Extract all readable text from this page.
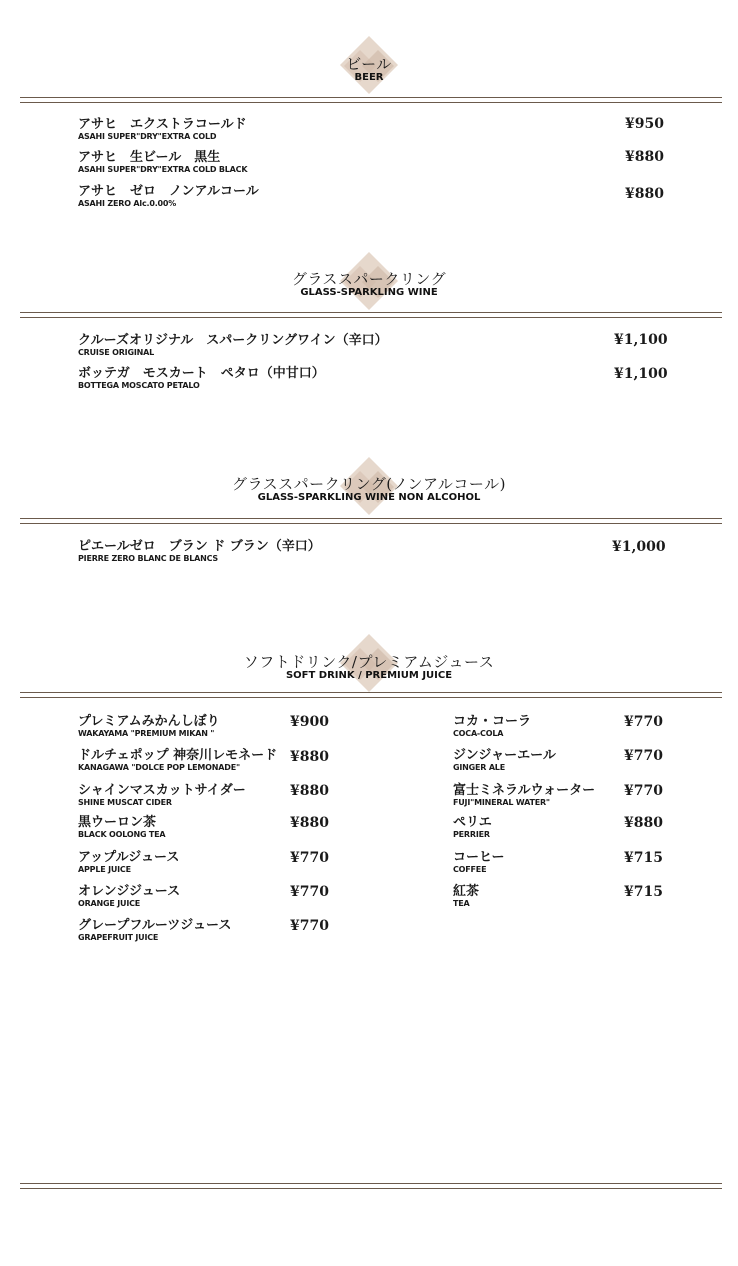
ビール
BEER
アサヒ　エクストラコールド
ASAHI SUPER"DRY"EXTRA COLD
¥950
アサヒ　生ビール　黒生
ASAHI SUPER"DRY"EXTRA COLD BLACK
¥880
アサヒ　ゼロ　ノンアルコール
ASAHI ZERO Alc.0.00%
¥880
グラススパークリング
GLASS-SPARKLING WINE
クルーズオリジナル　スパークリングワイン（辛口）
CRUISE ORIGINAL
¥1,100
ボッテガ　モスカート　ペタロ（中甘口）
BOTTEGA MOSCATO PETALO
¥1,100
グラススパークリング(ノンアルコール)
GLASS-SPARKLING WINE NON ALCOHOL
ピエールゼロ　ブラン ド ブラン（辛口）
PIERRE ZERO BLANC DE BLANCS
¥1,000
ソフトドリンク/プレミアムジュース
SOFT DRINK / PREMIUM JUICE
プレミアムみかんしぼり
WAKAYAMA "PREMIUM MIKAN "
¥900
ドルチェポップ 神奈川レモネード
KANAGAWA "DOLCE POP LEMONADE"
¥880
シャインマスカットサイダー
SHINE MUSCAT CIDER
¥880
黒ウーロン茶
BLACK OOLONG TEA
¥880
アップルジュース
APPLE JUICE
¥770
オレンジジュース
ORANGE JUICE
¥770
グレープフルーツジュース
GRAPEFRUIT JUICE
¥770
コカ・コーラ
COCA-COLA
¥770
ジンジャーエール
GINGER ALE
¥770
富士ミネラルウォーター
FUJI"MINERAL WATER"
¥770
ペリエ
PERRIER
¥880
コーヒー
COFFEE
¥715
紅茶
TEA
¥715
